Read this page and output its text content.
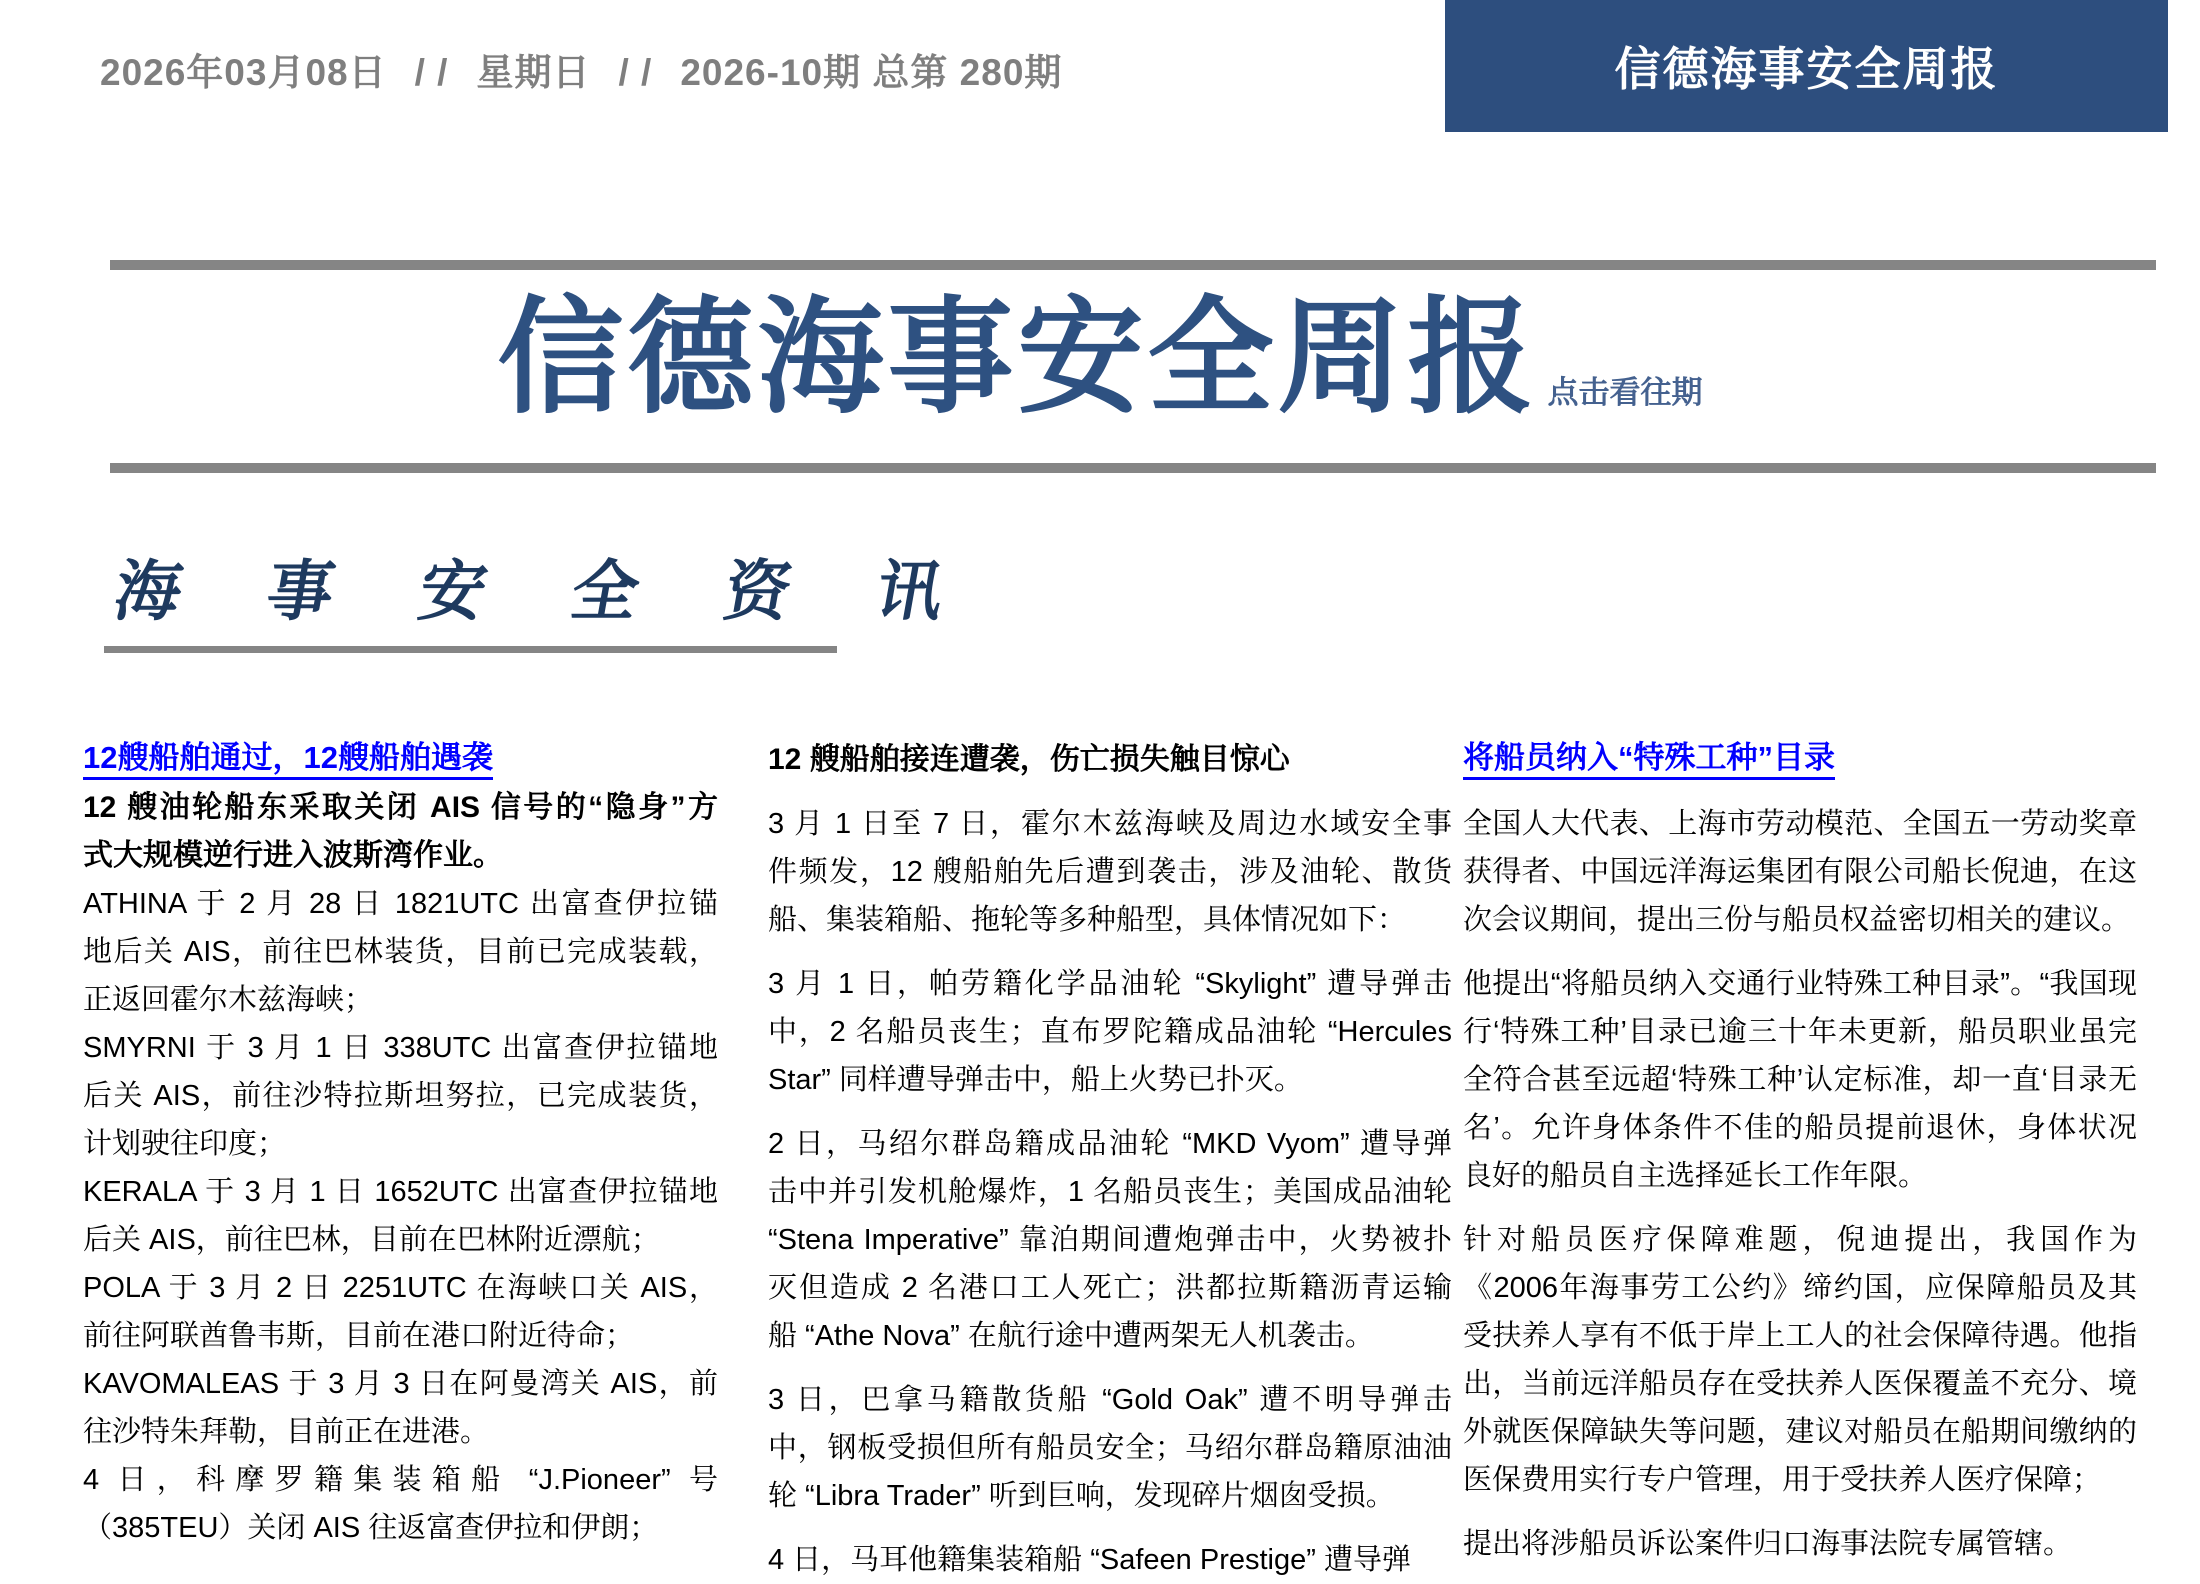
2026年03月08日 / / 星期日 / / 2026-10期 总第 280期	信德海事安全周报
信德海事安全周报 点击看往期
海 事 安 全 资 讯
12艘船舶通过，12艘船舶遇袭
12 艘油轮船东采取关闭 AIS 信号的“隐身”方
式大规模逆行进入波斯湾作业。
ATHINA 于 2 月 28 日 1821UTC 出富查伊拉锚
地后关 AIS，前往巴林装货，目前已完成装载，
正返回霍尔木兹海峡；
SMYRNI 于 3 月 1 日 338UTC 出富查伊拉锚地
后关 AIS，前往沙特拉斯坦努拉，已完成装货，
计划驶往印度；
KERALA 于 3 月 1 日 1652UTC 出富查伊拉锚地
后关 AIS，前往巴林，目前在巴林附近漂航；
POLA 于 3 月 2 日 2251UTC 在海峡口关 AIS，
前往阿联酋鲁韦斯，目前在港口附近待命；
KAVOMALEAS 于 3 月 3 日在阿曼湾关 AIS，前
往沙特朱拜勒，目前正在进港。
4 日，科摩罗籍集装箱船 “J.Pioneer” 号
（385TEU）关闭 AIS 往返富查伊拉和伊朗；
12 艘船舶接连遭袭，伤亡损失触目惊心
3 月 1 日至 7 日，霍尔木兹海峡及周边水域安全事
件频发，12 艘船舶先后遭到袭击，涉及油轮、散货
船、集装箱船、拖轮等多种船型，具体情况如下：
3 月 1 日，帕劳籍化学品油轮 “Skylight” 遭导弹击
中，2 名船员丧生；直布罗陀籍成品油轮 “Hercules
Star” 同样遭导弹击中，船上火势已扑灭。
2 日，马绍尔群岛籍成品油轮 “MKD Vyom” 遭导弹
击中并引发机舱爆炸，1 名船员丧生；美国成品油轮
“Stena Imperative” 靠泊期间遭炮弹击中，火势被扑
灭但造成 2 名港口工人死亡；洪都拉斯籍沥青运输
船 “Athe Nova” 在航行途中遭两架无人机袭击。
3 日，巴拿马籍散货船 “Gold Oak” 遭不明导弹击
中，钢板受损但所有船员安全；马绍尔群岛籍原油油
轮 “Libra Trader” 听到巨响，发现碎片烟囱受损。
4 日，马耳他籍集装箱船 “Safeen Prestige” 遭导弹
将船员纳入“特殊工种”目录
全国人大代表、上海市劳动模范、全国五一劳动奖章
获得者、中国远洋海运集团有限公司船长倪迪，在这
次会议期间，提出三份与船员权益密切相关的建议。
他提出“将船员纳入交通行业特殊工种目录”。“我国现
行‘特殊工种’目录已逾三十年未更新，船员职业虽完
全符合甚至远超‘特殊工种’认定标准，却一直‘目录无
名’。允许身体条件不佳的船员提前退休，身体状况
良好的船员自主选择延长工作年限。
针对船员医疗保障难题，倪迪提出，我国作为
《2006年海事劳工公约》缔约国，应保障船员及其
受扶养人享有不低于岸上工人的社会保障待遇。他指
出，当前远洋船员存在受扶养人医保覆盖不充分、境
外就医保障缺失等问题，建议对船员在船期间缴纳的
医保费用实行专户管理，用于受扶养人医疗保障；
提出将涉船员诉讼案件归口海事法院专属管辖。
